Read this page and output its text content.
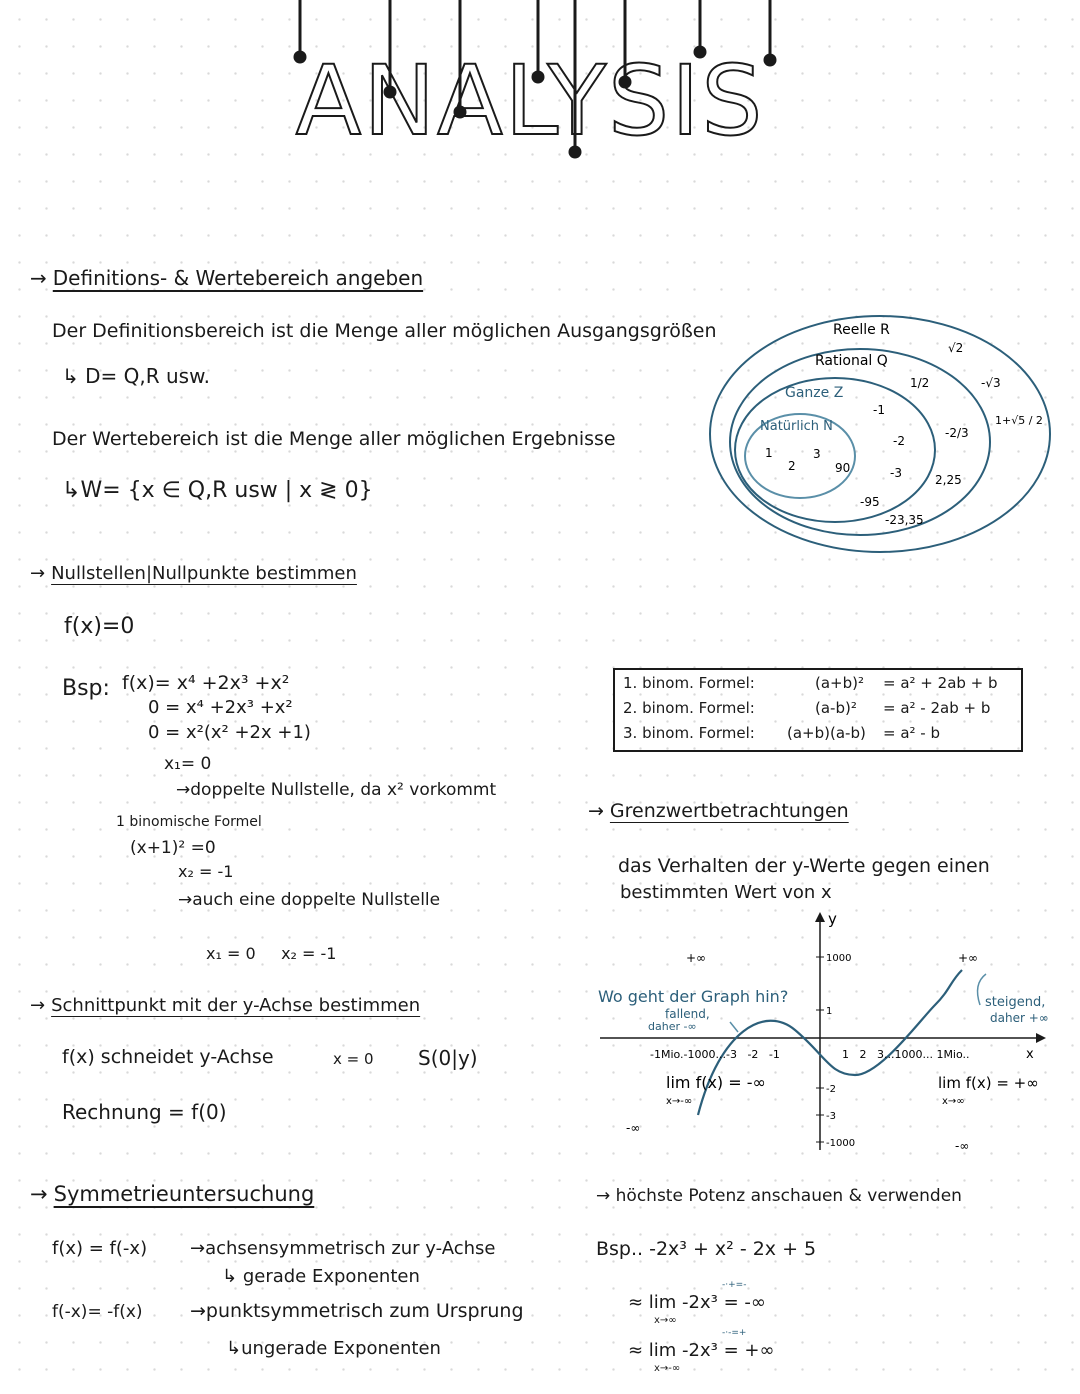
ANALYSIS
→ Definitions- & Wertebereich angeben
Der Definitionsbereich ist die Menge aller möglichen Ausgangsgrößen
↳ D= Q,R usw.
Der Wertebereich ist die Menge aller möglichen Ergebnisse
↳W= {x ∈ Q,R usw | x ≷ 0}
Reelle R
Rational Q
Ganze Z
Natürlich N
1
2
3
90
-1
-2
-3
-95
1/2
-2/3
2,25
-23,35
√2
-√3
1+√5 / 2
→ Nullstellen|Nullpunkte bestimmen
f(x)=0
Bsp: f(x)= x⁴ +2x³ +x²
0 = x⁴ +2x³ +x²
0 = x²(x² +2x +1)
x₁= 0
→doppelte Nullstelle, da x² vorkommt
1 binomische Formel
(x+1)² =0
x₂ = -1
→auch eine doppelte Nullstelle
x₁ = 0     x₂ = -1
1. binom. Formel:	(a+b)² = a² + 2ab + b
2. binom. Formel:	(a-b)² = a² - 2ab + b
3. binom. Formel: (a+b)(a-b) = a² - b
→ Grenzwertbetrachtungen
das Verhalten der y-Werte gegen einen
bestimmten Wert von x
y
1000
1
-2
-3
-1000
+∞	+∞
-∞
-∞
Wo geht der Graph hin?
fallend,
daher -∞
steigend,
daher +∞
-1Mio.-1000...-3   -2   -1	1   2   3...1000... 1Mio..	x
lim f(x) = -∞
x→-∞
lim f(x) = +∞
x→∞
→ Schnittpunkt mit der y-Achse bestimmen
f(x) schneidet y-Achse	x = 0 S(0|y)
Rechnung = f(0)
→ Symmetrieuntersuchung
f(x) = f(-x) →achsensymmetrisch zur y-Achse
↳ gerade Exponenten
f(-x)= -f(x) →punktsymmetrisch zum Ursprung
↳ungerade Exponenten
→ höchste Potenz anschauen & verwenden
Bsp.. -2x³ + x² - 2x + 5
-·+=-
≈ lim -2x³ = -∞
x→∞
-·-=+
≈ lim -2x³ = +∞
x→-∞
